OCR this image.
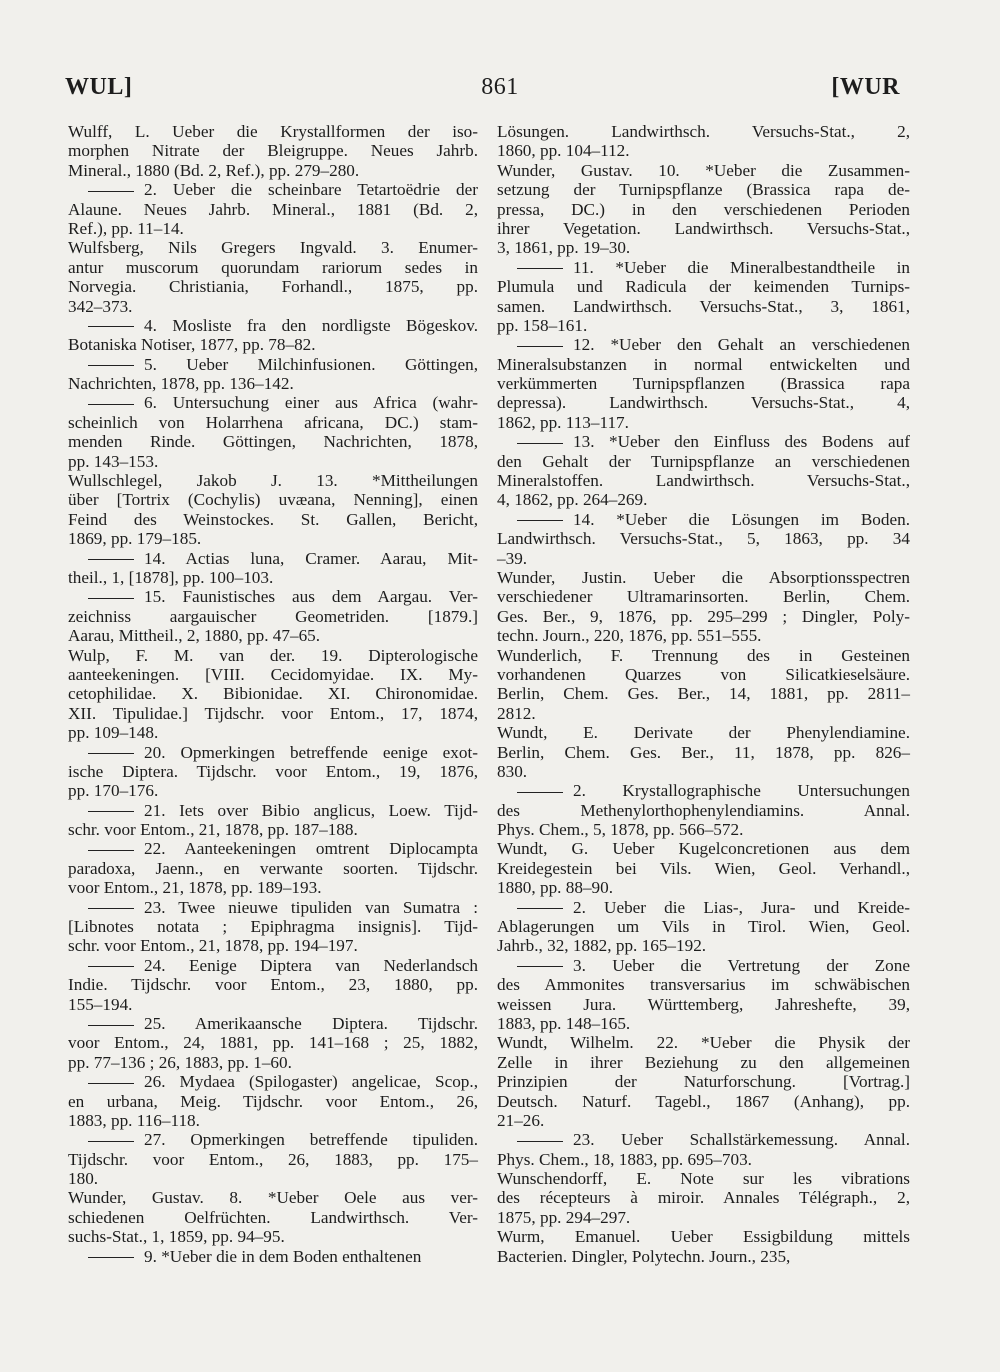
WUL]	861	[WUR
Wulff, L. Ueber die Krystallformen der iso-
morphen Nitrate der Bleigruppe. Neues Jahrb.
Mineral., 1880 (Bd. 2, Ref.), pp. 279–280.
2. Ueber die scheinbare Tetartoëdrie der
Alaune. Neues Jahrb. Mineral., 1881 (Bd. 2,
Ref.), pp. 11–14.
Wulfsberg, Nils Gregers Ingvald. 3. Enumer-
antur muscorum quorundam rariorum sedes in
Norvegia. Christiania, Forhandl., 1875, pp.
342–373.
4. Mosliste fra den nordligste Bögeskov.
Botaniska Notiser, 1877, pp. 78–82.
5. Ueber Milchinfusionen. Göttingen,
Nachrichten, 1878, pp. 136–142.
6. Untersuchung einer aus Africa (wahr-
scheinlich von Holarrhena africana, DC.) stam-
menden Rinde. Göttingen, Nachrichten, 1878,
pp. 143–153.
Wullschlegel, Jakob J. 13. *Mittheilungen
über [Tortrix (Cochylis) uvæana, Nenning], einen
Feind des Weinstockes. St. Gallen, Bericht,
1869, pp. 179–185.
14. Actias luna, Cramer. Aarau, Mit-
theil., 1, [1878], pp. 100–103.
15. Faunistisches aus dem Aargau. Ver-
zeichniss aargauischer Geometriden. [1879.]
Aarau, Mittheil., 2, 1880, pp. 47–65.
Wulp, F. M. van der. 19. Dipterologische
aanteekeningen. [VIII. Cecidomyidae. IX. My-
cetophilidae. X. Bibionidae. XI. Chironomidae.
XII. Tipulidae.] Tijdschr. voor Entom., 17, 1874,
pp. 109–148.
20. Opmerkingen betreffende eenige exot-
ische Diptera. Tijdschr. voor Entom., 19, 1876,
pp. 170–176.
21. Iets over Bibio anglicus, Loew. Tijd-
schr. voor Entom., 21, 1878, pp. 187–188.
22. Aanteekeningen omtrent Diplocampta
paradoxa, Jaenn., en verwante soorten. Tijdschr.
voor Entom., 21, 1878, pp. 189–193.
23. Twee nieuwe tipuliden van Sumatra :
[Libnotes notata ; Epiphragma insignis]. Tijd-
schr. voor Entom., 21, 1878, pp. 194–197.
24. Eenige Diptera van Nederlandsch
Indie. Tijdschr. voor Entom., 23, 1880, pp.
155–194.
25. Amerikaansche Diptera. Tijdschr.
voor Entom., 24, 1881, pp. 141–168 ; 25, 1882,
pp. 77–136 ; 26, 1883, pp. 1–60.
26. Mydaea (Spilogaster) angelicae, Scop.,
en urbana, Meig. Tijdschr. voor Entom., 26,
1883, pp. 116–118.
27. Opmerkingen betreffende tipuliden.
Tijdschr. voor Entom., 26, 1883, pp. 175–
180.
Wunder, Gustav. 8. *Ueber Oele aus ver-
schiedenen Oelfrüchten. Landwirthsch. Ver-
suchs-Stat., 1, 1859, pp. 94–95.
9. *Ueber die in dem Boden enthaltenen
Lösungen. Landwirthsch. Versuchs-Stat., 2,
1860, pp. 104–112.
Wunder, Gustav. 10. *Ueber die Zusammen-
setzung der Turnipspflanze (Brassica rapa de-
pressa, DC.) in den verschiedenen Perioden
ihrer Vegetation. Landwirthsch. Versuchs-Stat.,
3, 1861, pp. 19–30.
11. *Ueber die Mineralbestandtheile in
Plumula und Radicula der keimenden Turnips-
samen. Landwirthsch. Versuchs-Stat., 3, 1861,
pp. 158–161.
12. *Ueber den Gehalt an verschiedenen
Mineralsubstanzen in normal entwickelten und
verkümmerten Turnipspflanzen (Brassica rapa
depressa). Landwirthsch. Versuchs-Stat., 4,
1862, pp. 113–117.
13. *Ueber den Einfluss des Bodens auf
den Gehalt der Turnipspflanze an verschiedenen
Mineralstoffen. Landwirthsch. Versuchs-Stat.,
4, 1862, pp. 264–269.
14. *Ueber die Lösungen im Boden.
Landwirthsch. Versuchs-Stat., 5, 1863, pp. 34
–39.
Wunder, Justin. Ueber die Absorptionsspectren
verschiedener Ultramarinsorten. Berlin, Chem.
Ges. Ber., 9, 1876, pp. 295–299 ; Dingler, Poly-
techn. Journ., 220, 1876, pp. 551–555.
Wunderlich, F. Trennung des in Gesteinen
vorhandenen Quarzes von Silicatkieselsäure.
Berlin, Chem. Ges. Ber., 14, 1881, pp. 2811–
2812.
Wundt, E. Derivate der Phenylendiamine.
Berlin, Chem. Ges. Ber., 11, 1878, pp. 826–
830.
2. Krystallographische Untersuchungen
des Methenylorthophenylendiamins. Annal.
Phys. Chem., 5, 1878, pp. 566–572.
Wundt, G. Ueber Kugelconcretionen aus dem
Kreidegestein bei Vils. Wien, Geol. Verhandl.,
1880, pp. 88–90.
2. Ueber die Lias-, Jura- und Kreide-
Ablagerungen um Vils in Tirol. Wien, Geol.
Jahrb., 32, 1882, pp. 165–192.
3. Ueber die Vertretung der Zone
des Ammonites transversarius im schwäbischen
weissen Jura. Württemberg, Jahreshefte, 39,
1883, pp. 148–165.
Wundt, Wilhelm. 22. *Ueber die Physik der
Zelle in ihrer Beziehung zu den allgemeinen
Prinzipien der Naturforschung. [Vortrag.]
Deutsch. Naturf. Tagebl., 1867 (Anhang), pp.
21–26.
23. Ueber Schallstärkemessung. Annal.
Phys. Chem., 18, 1883, pp. 695–703.
Wunschendorff, E. Note sur les vibrations
des récepteurs à miroir. Annales Télégraph., 2,
1875, pp. 294–297.
Wurm, Emanuel. Ueber Essigbildung mittels
Bacterien. Dingler, Polytechn. Journ., 235,
